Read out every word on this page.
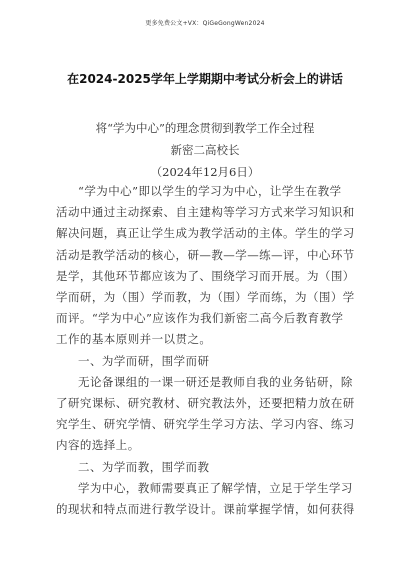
更多免费公文+VX：QiGeGongWen2024
在2024-2025学年上学期期中考试分析会上的讲话
将“学为中心”的理念贯彻到教学工作全过程
新密二高校长
（2024年12月6日）
“学为中心”即以学生的学习为中心，让学生在教学
活动中通过主动探索、自主建构等学习方式来学习知识和
解决问题，真正让学生成为教学活动的主体。学生的学习
活动是教学活动的核心，研—教—学—练—评，中心环节
是学，其他环节都应该为了、围绕学习而开展。为（围）
学而研，为（围）学而教，为（围）学而练，为（围）学
而评。“学为中心”应该作为我们新密二高今后教育教学
工作的基本原则并一以贯之。
一、为学而研，围学而研
无论备课组的一课一研还是教师自我的业务钻研，除
了研究课标、研究教材、研究教法外，还要把精力放在研
究学生、研究学情、研究学生学习方法、学习内容、练习
内容的选择上。
二、为学而教，围学而教
学为中心，教师需要真正了解学情，立足于学生学习
的现状和特点而进行教学设计。课前掌握学情，如何获得
